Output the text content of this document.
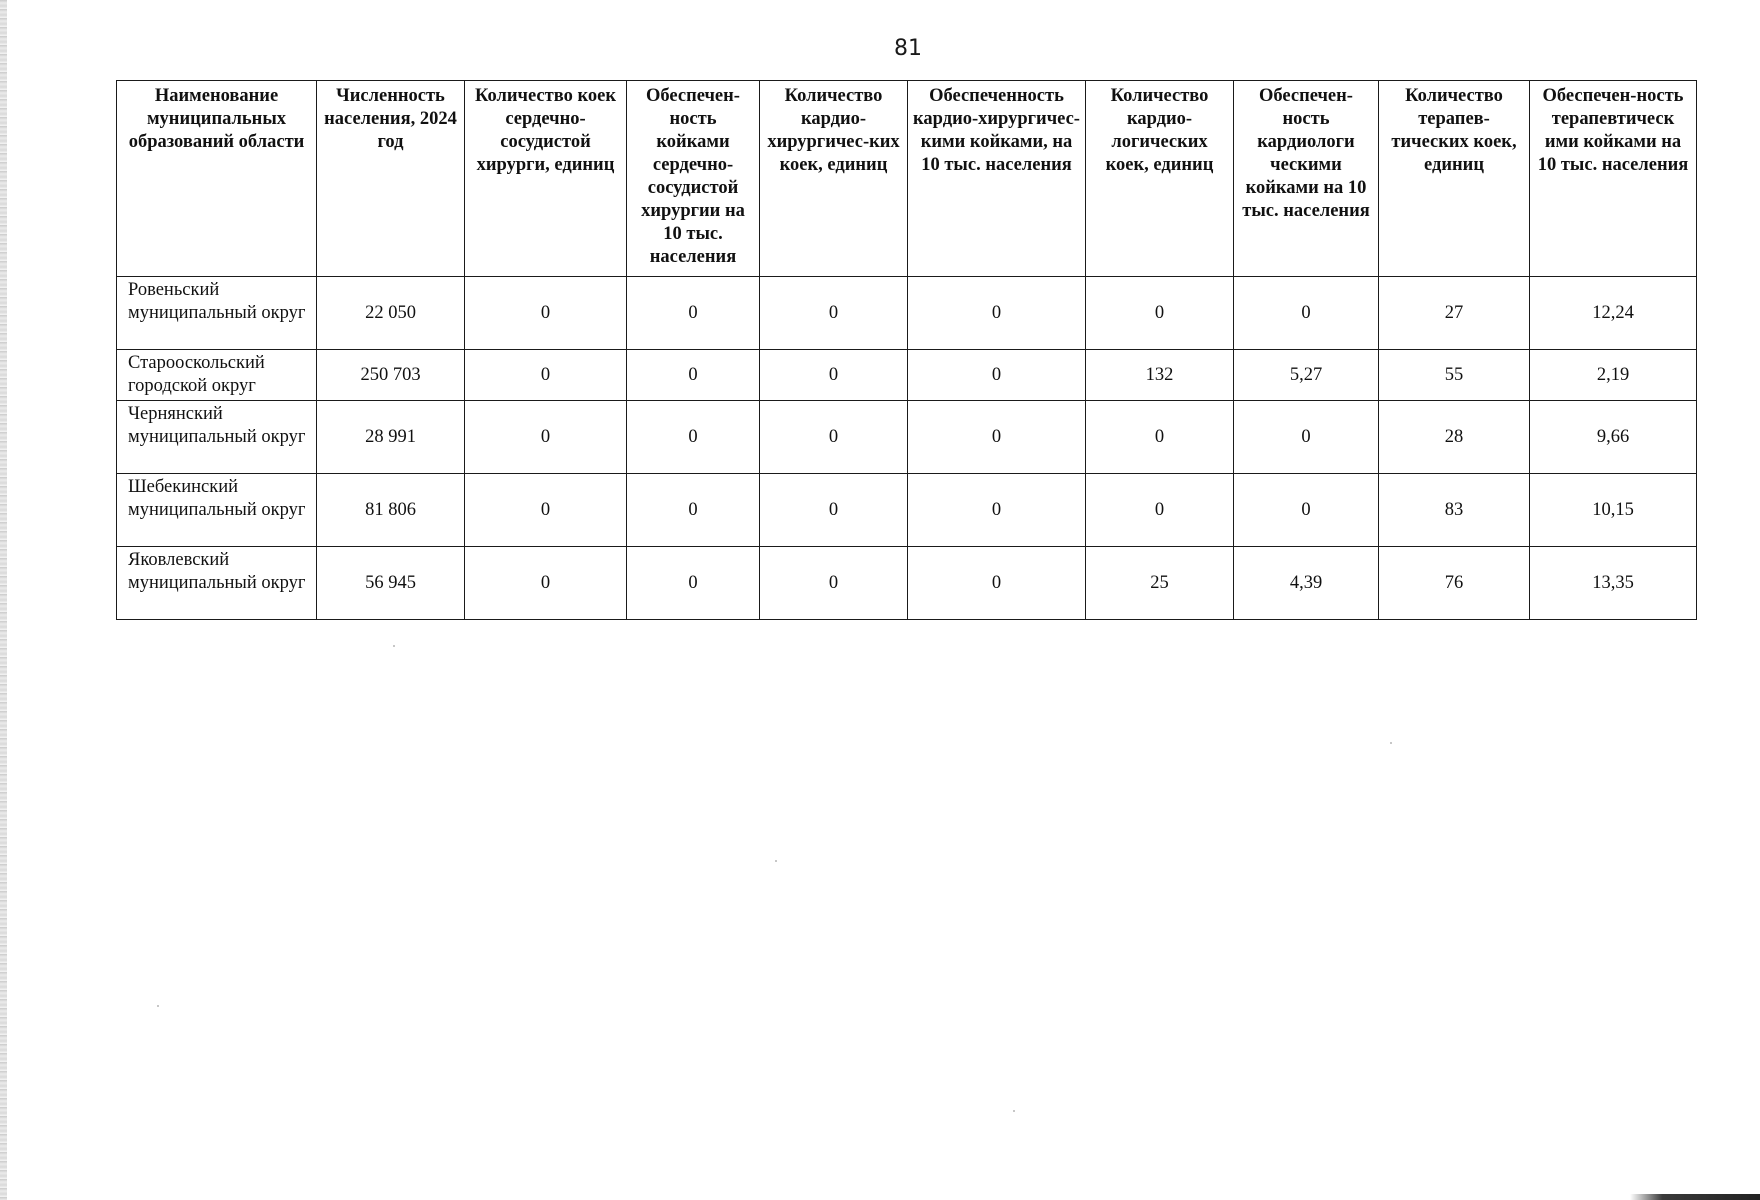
81
Наименование муниципальных образований области	Численность населения, 2024 год	Количество коек сердечно-сосудистой хирурги, единиц	Обеспечен-ность койками сердечно-сосудистой хирургии на 10 тыс. населения	Количество кардио-хирургичес-ких коек, единиц	Обеспеченность кардио-хирургичес-кими койками, на 10 тыс. населения	Количество кардио-логических коек, единиц	Обеспечен-ность кардиологи ческими койками на 10 тыс. населения	Количество терапев-тических коек, единиц	Обеспечен-ность терапевтическ ими койками на 10 тыс. населения
Ровеньский муниципальный округ	22 050	0	0	0	0	0	0	27	12,24
Старооскольский городской округ	250 703	0	0	0	0	132	5,27	55	2,19
Чернянский муниципальный округ	28 991	0	0	0	0	0	0	28	9,66
Шебекинский муниципальный округ	81 806	0	0	0	0	0	0	83	10,15
Яковлевский муниципальный округ	56 945	0	0	0	0	25	4,39	76	13,35
